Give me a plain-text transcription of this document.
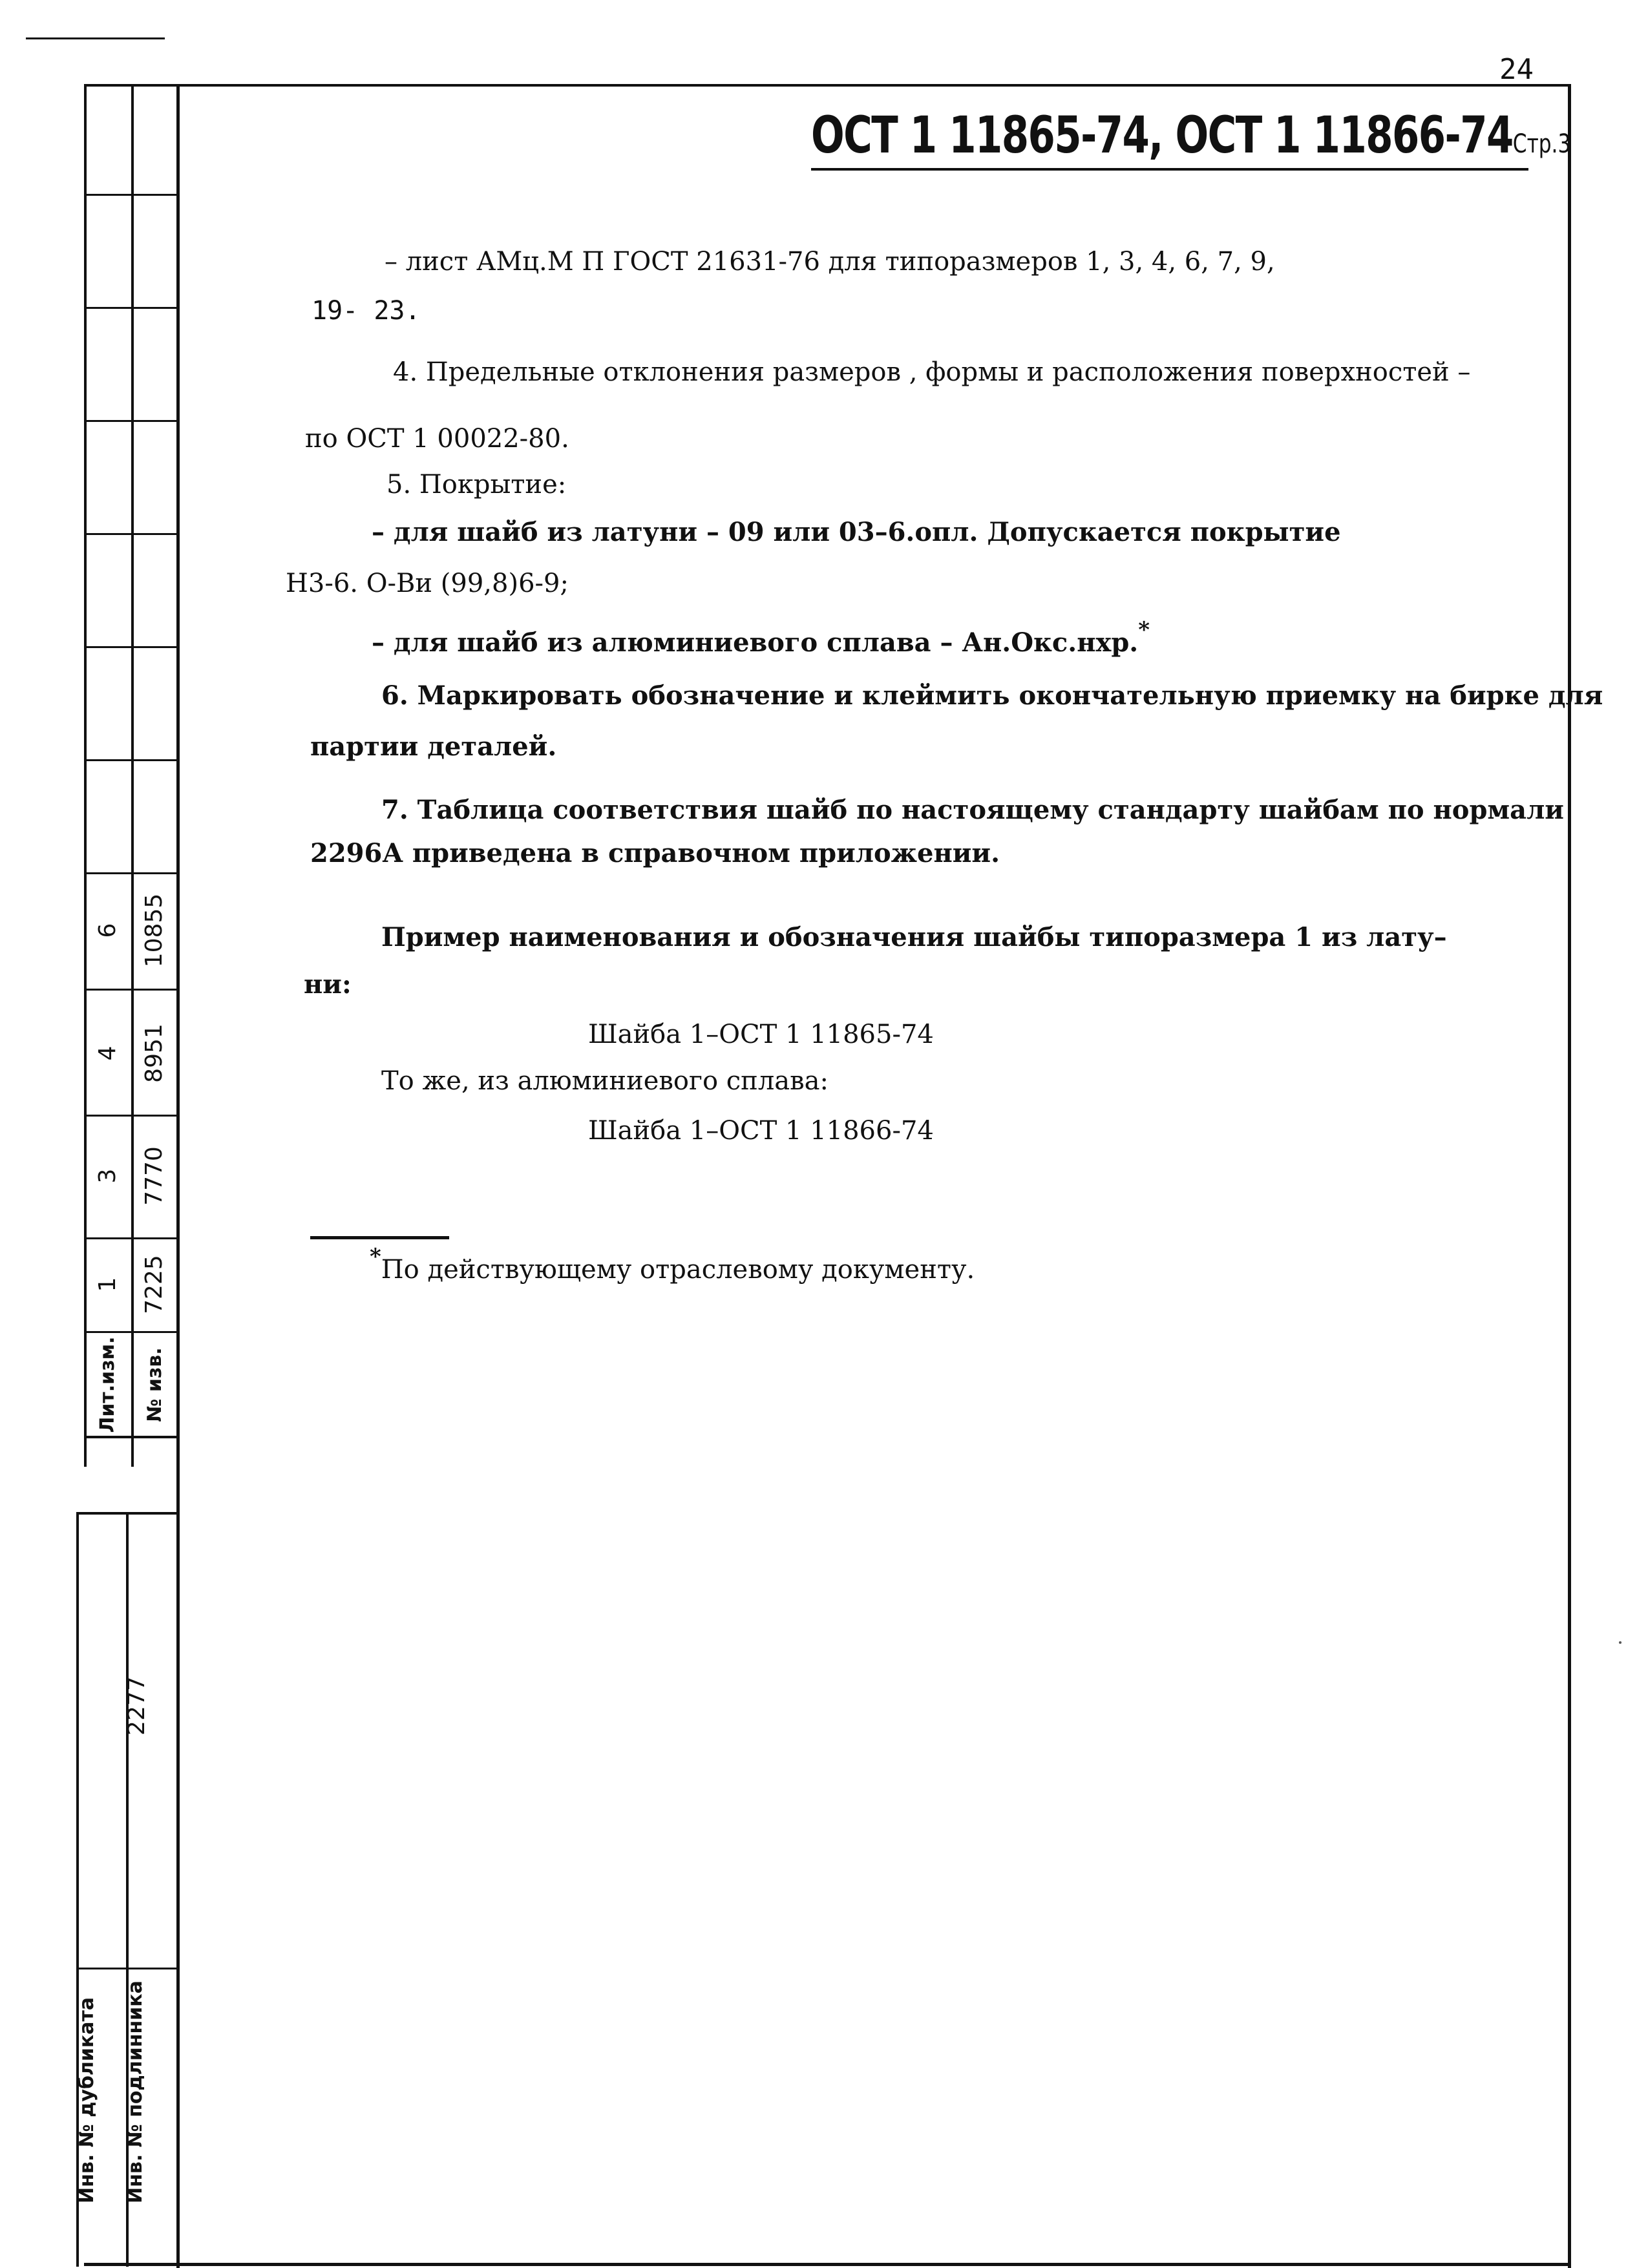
24
ОСТ 1 11865-74, ОСТ 1 11866-74Стр.3
– лист АМц.М П ГОСТ 21631-76 для типоразмеров 1, 3, 4, 6, 7, 9,
19- 23.
4. Предельные отклонения размеров , формы и расположения поверхностей –
по ОСТ 1 00022-80.
5. Покрытие:
– для шайб из латуни – 09 или 03–6.опл. Допускается покрытие
Н3-6. О-Ви (99,8)6-9;
– для шайб из алюминиевого сплава – Ан.Окс.нхр.*
6. Маркировать обозначение и клеймить окончательную приемку на бирке для
партии деталей.
7. Таблица соответствия шайб по настоящему стандарту шайбам по нормали
2296А приведена в справочном приложении.
Пример наименования и обозначения шайбы типоразмера 1 из лату–
ни:
Шайба 1–ОСТ 1 11865-74
То же, из алюминиевого сплава:
Шайба 1–ОСТ 1 11866-74
*По действующему отраслевому документу.
Лит.изм. № изв.
1 7225
3 7770
4 8951
6 10855
2277
Инв. № дубликата Инв. № подлинника
